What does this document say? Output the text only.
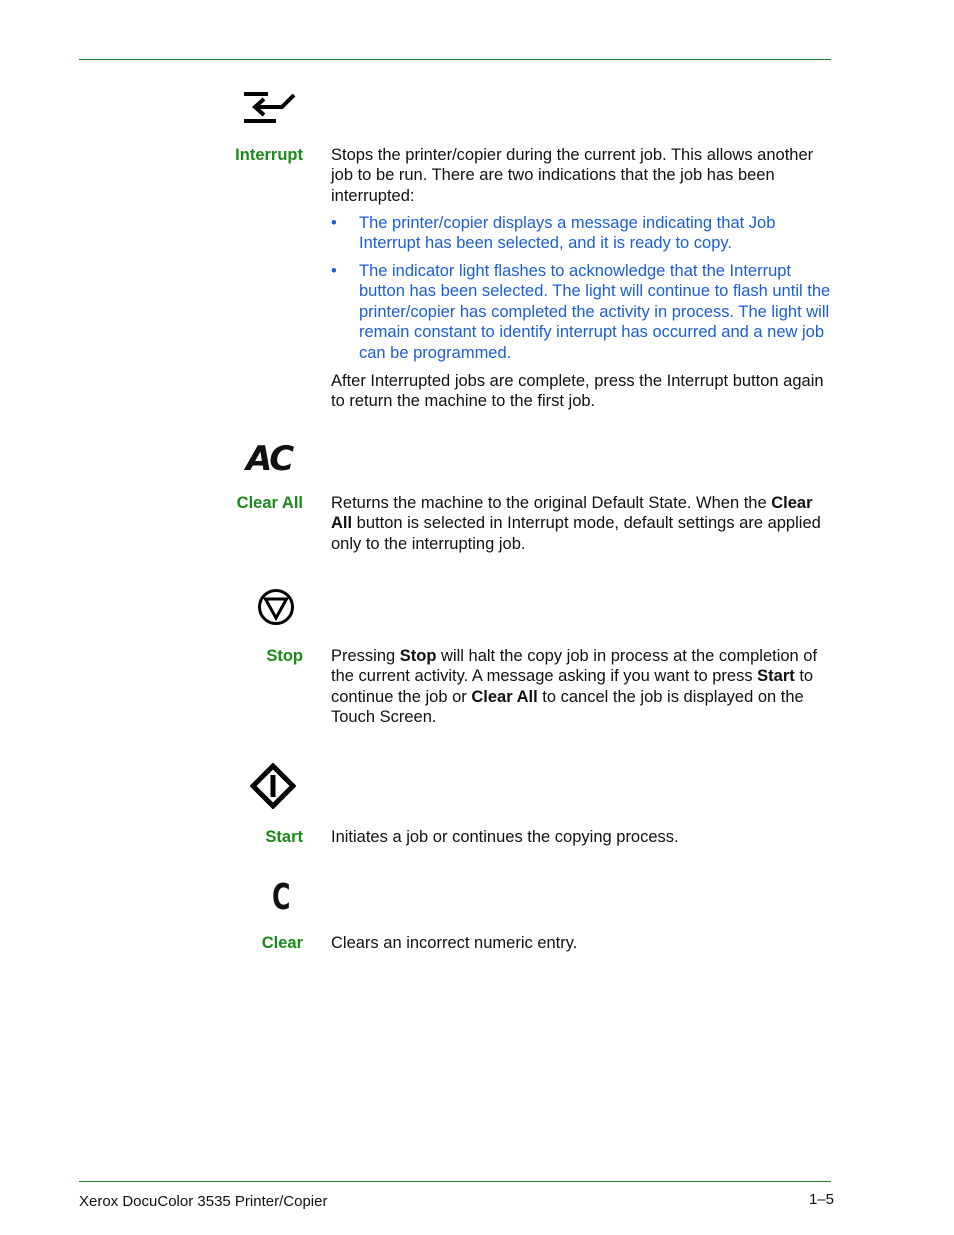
Interrupt Stops the printer/copier during the current job. This allows another job to be run. There are two indications that the job has been interrupted:

• The printer/copier displays a message indicating that Job Interrupt has been selected, and it is ready to copy.
• The indicator light flashes to acknowledge that the Interrupt button has been selected. The light will continue to flash until the printer/copier has completed the activity in process. The light will remain constant to identify interrupt has occurred and a new job can be programmed.

After Interrupted jobs are complete, press the Interrupt button again to return the machine to the first job.

AC
Clear All Returns the machine to the original Default State. When the Clear All button is selected in Interrupt mode, default settings are applied only to the interrupting job.

Stop Pressing Stop will halt the copy job in process at the completion of the current activity. A message asking if you want to press Start to continue the job or Clear All to cancel the job is displayed on the Touch Screen.

Start Initiates a job or continues the copying process.

C
Clear Clears an incorrect numeric entry.

Xerox DocuColor 3535 Printer/Copier	1–5
